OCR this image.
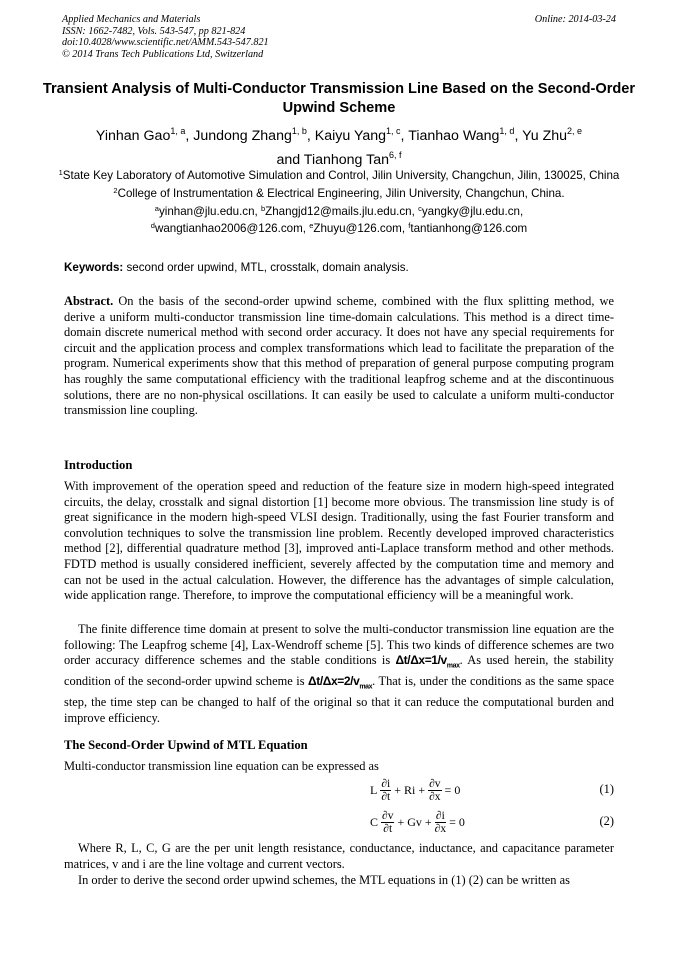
Applied Mechanics and Materials	Online: 2014-03-24
ISSN: 1662-7482, Vols. 543-547, pp 821-824
doi:10.4028/www.scientific.net/AMM.543-547.821
© 2014 Trans Tech Publications Ltd, Switzerland
Transient Analysis of Multi-Conductor Transmission Line Based on the Second-Order Upwind Scheme
Yinhan Gao$^{1, a}$, Jundong Zhang$^{1, b}$, Kaiyu Yang$^{1, c}$, Tianhao Wang$^{1, d}$, Yu Zhu$^{2, e}$
and Tianhong Tan$^{6, f}$
$^1$State Key Laboratory of Automotive Simulation and Control, Jilin University, Changchun, Jilin, 130025, China
$^2$College of Instrumentation & Electrical Engineering, Jilin University, Changchun, China.
$^a$yinhan@jlu.edu.cn, $^b$Zhangjd12@mails.jlu.edu.cn, $^c$yangky@jlu.edu.cn,
$^d$wangtianhao2006@126.com, $^e$Zhuyu@126.com, $^f$tantianhong@126.com
Keywords: second order upwind, MTL, crosstalk, domain analysis.
Abstract. On the basis of the second-order upwind scheme, combined with the flux splitting method, we derive a uniform multi-conductor transmission line time-domain calculations. This method is a direct time-domain discrete numerical method with second order accuracy. It does not have any special requirements for circuit and the application process and complex transformations which lead to facilitate the preparation of the program. Numerical experiments show that this method of preparation of general purpose computing program has roughly the same computational efficiency with the traditional leapfrog scheme and at the discontinuous solutions, there are no non-physical oscillations. It can easily be used to calculate a uniform multi-conductor transmission line coupling.
Introduction
With improvement of the operation speed and reduction of the feature size in modern high-speed integrated circuits, the delay, crosstalk and signal distortion [1] become more obvious. The transmission line study is of great significance in the modern high-speed VLSI design. Traditionally, using the fast Fourier transform and convolution techniques to solve the transmission line problem. Recently developed improved characteristics method [2], differential quadrature method [3], improved anti-Laplace transform method and other methods. FDTD method is usually considered inefficient, severely affected by the computation time and memory and can not be used in the actual calculation. However, the difference has the advantages of simple calculation, wide application range. Therefore, to improve the computational efficiency will be a meaningful work.
The finite difference time domain at present to solve the multi-conductor transmission line equation are the following: The Leapfrog scheme [4], Lax-Wendroff scheme [5]. This two kinds of difference schemes are two order accuracy difference schemes and the stable conditions is $\Delta t/\Delta x=1/v_{max}$. As used herein, the stability condition of the second-order upwind scheme is $\Delta t/\Delta x=2/v_{max}$. That is, under the conditions as the same space step, the time step can be changed to half of the original so that it can reduce the computational burden and improve efficiency.
The Second-Order Upwind of MTL Equation
Multi-conductor transmission line equation can be expressed as
L $\frac{\partial i}{\partial t} + Ri + \frac{\partial v}{\partial x} = 0$	(1)
C $\frac{\partial v}{\partial t} + Gv + \frac{\partial i}{\partial x} = 0$	(2)
Where R, L, C, G are the per unit length resistance, conductance, inductance, and capacitance parameter matrices, v and i are the line voltage and current vectors.
In order to derive the second order upwind schemes, the MTL equations in (1) (2) can be written as
